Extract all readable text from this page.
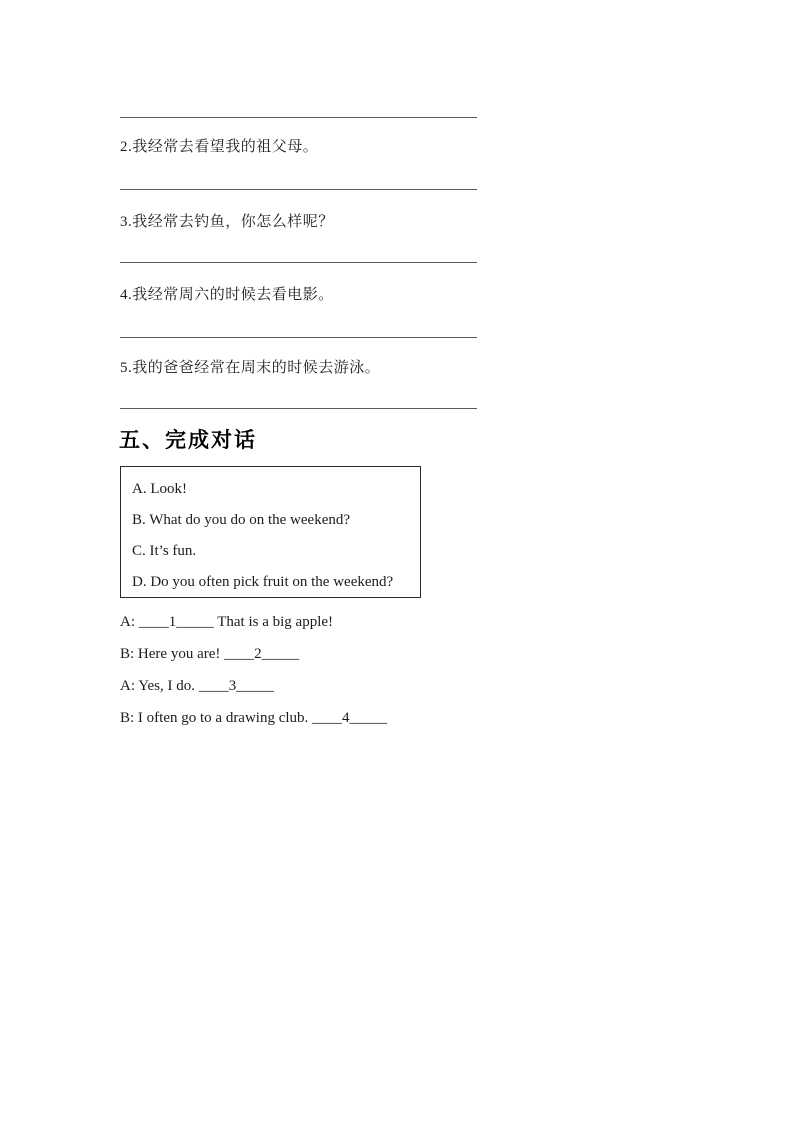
2.我经常去看望我的祖父母。
3.我经常去钓鱼，你怎么样呢？
4.我经常周六的时候去看电影。
5.我的爸爸经常在周末的时候去游泳。
五、完成对话
A. Look!
B. What do you do on the weekend?
C. It’s fun.
D. Do you often pick fruit on the weekend?
A: ____1_____ That is a big apple!
B: Here you are! ____2_____
A: Yes, I do. ____3_____
B: I often go to a drawing club. ____4_____
